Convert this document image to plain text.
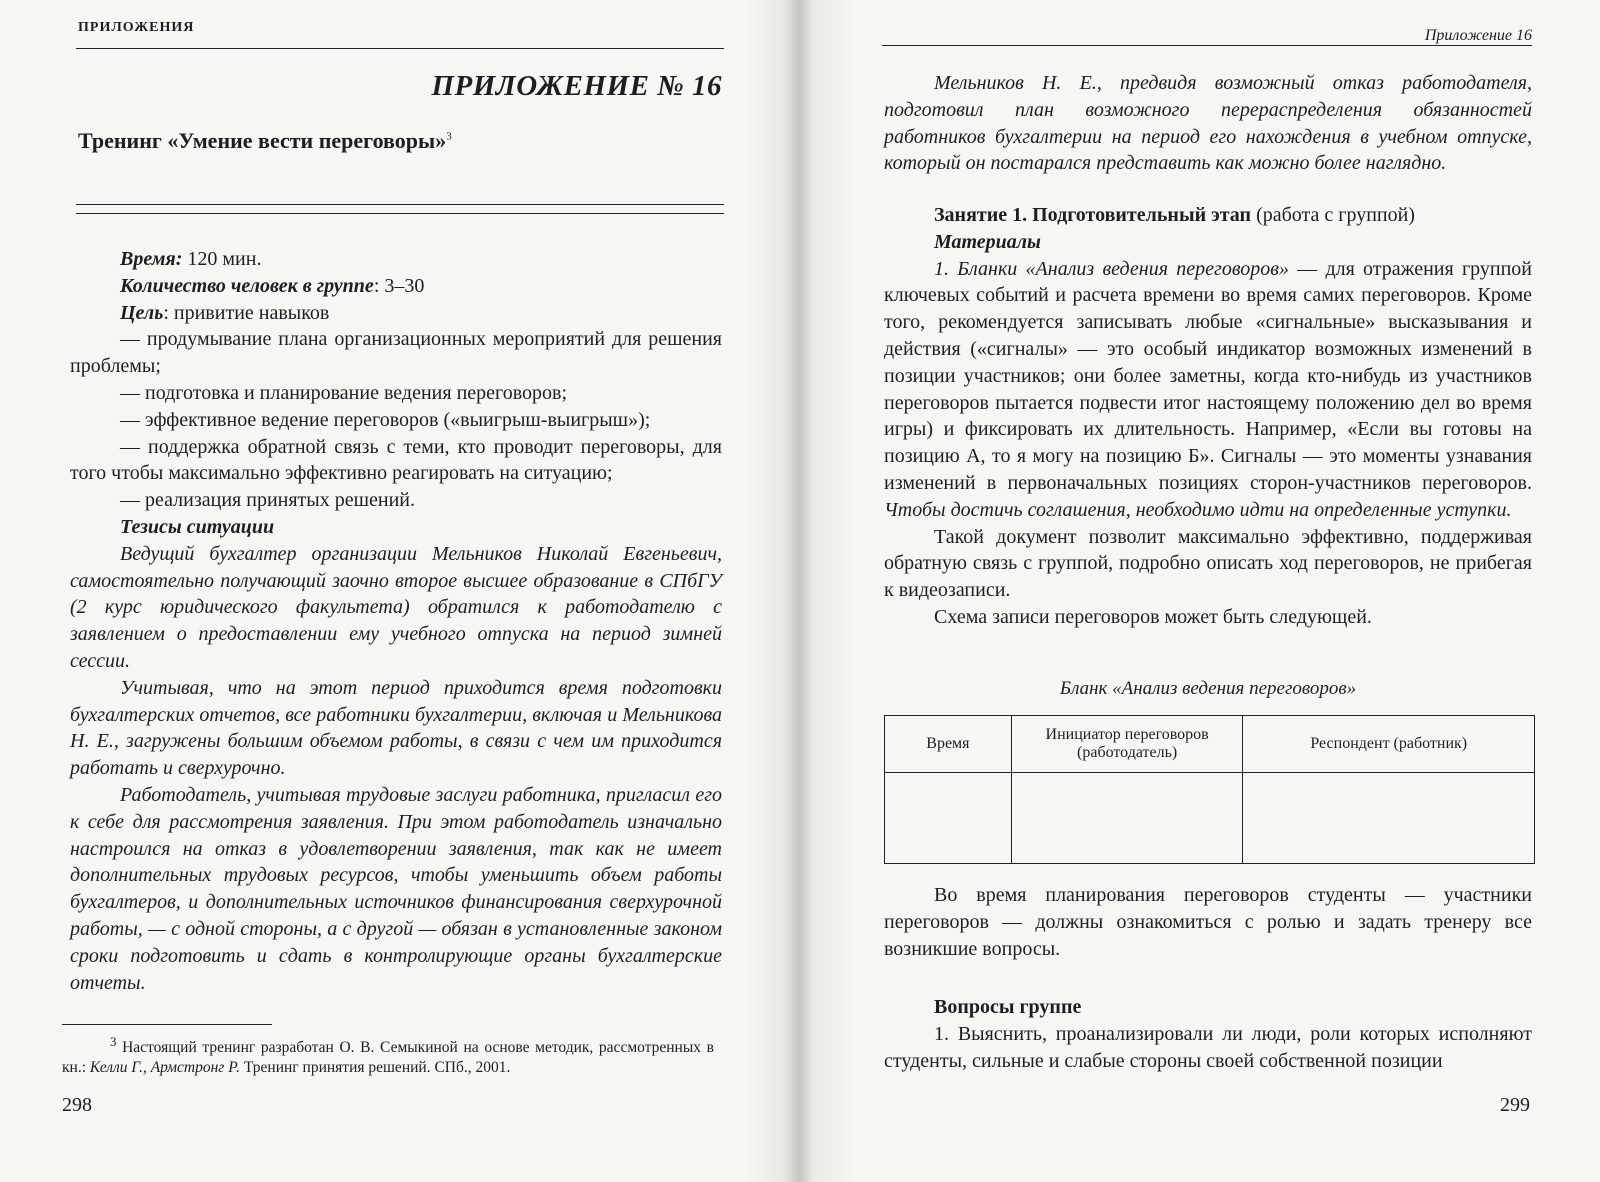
ПРИЛОЖЕНИЯ
ПРИЛОЖЕНИЕ № 16
Тренинг «Умение вести переговоры»$^3$

Время: 120 мин.

Количество человек в группе: 3–30

Цель: привитие навыков

— продумывание плана организационных мероприятий для решения проблемы;

— подготовка и планирование ведения переговоров;

— эффективное ведение переговоров («выигрыш-выигрыш»);

— поддержка обратной связь с теми, кто проводит переговоры, для того чтобы максимально эффективно реагировать на ситуацию;

— реализация принятых решений.

Тезисы ситуации

Ведущий бухгалтер организации Мельников Николай Евгеньевич, самостоятельно получающий заочно второе высшее образование в СПбГУ (2 курс юридического факультета) обратился к работодателю с заявлением о предоставлении ему учебного отпуска на период зимней сессии.

Учитывая, что на этот период приходится время подготовки бухгалтерских отчетов, все работники бухгалтерии, включая и Мельникова Н. Е., загружены большим объемом работы, в связи с чем им приходится работать и сверхурочно.

Работодатель, учитывая трудовые заслуги работника, пригласил его к себе для рассмотрения заявления. При этом работодатель изначально настроился на отказ в удовлетворении заявления, так как не имеет дополнительных трудовых ресурсов, чтобы уменьшить объем работы бухгалтеров, и дополнительных источников финансирования сверхурочной работы, — с одной стороны, а с другой — обязан в установленные законом сроки подготовить и сдать в контролирующие органы бухгалтерские отчеты.

$^3$ Настоящий тренинг разработан О. В. Семыкиной на основе методик, рассмотренных в кн.: Келли Г., Армстронг Р. Тренинг принятия решений. СПб., 2001.

298
Приложение 16

Мельников Н. Е., предвидя возможный отказ работодателя, подготовил план возможного перераспределения обязанностей работников бухгалтерии на период его нахождения в учебном отпуске, который он постарался представить как можно более наглядно.

Занятие 1. Подготовительный этап (работа с группой)

Материалы

1. Бланки «Анализ ведения переговоров» — для отражения группой ключевых событий и расчета времени во время самих переговоров. Кроме того, рекомендуется записывать любые «сигнальные» высказывания и действия («сигналы» — это особый индикатор возможных изменений в позиции участников; они более заметны, когда кто-нибудь из участников переговоров пытается подвести итог настоящему положению дел во время игры) и фиксировать их длительность. Например, «Если вы готовы на позицию А, то я могу на позицию Б». Сигналы — это моменты узнавания изменений в первоначальных позициях сторон-участников переговоров. Чтобы достичь соглашения, необходимо идти на определенные уступки.

Такой документ позволит максимально эффективно, поддерживая обратную связь с группой, подробно описать ход переговоров, не прибегая к видеозаписи.

Схема записи переговоров может быть следующей.

Бланк «Анализ ведения переговоров»
Время	Инициатор переговоров (работодатель)	Респондент (работник)

Во время планирования переговоров студенты — участники переговоров — должны ознакомиться с ролью и задать тренеру все возникшие вопросы.

Вопросы группе

1. Выяснить, проанализировали ли люди, роли которых исполняют студенты, сильные и слабые стороны своей собственной позиции

299
